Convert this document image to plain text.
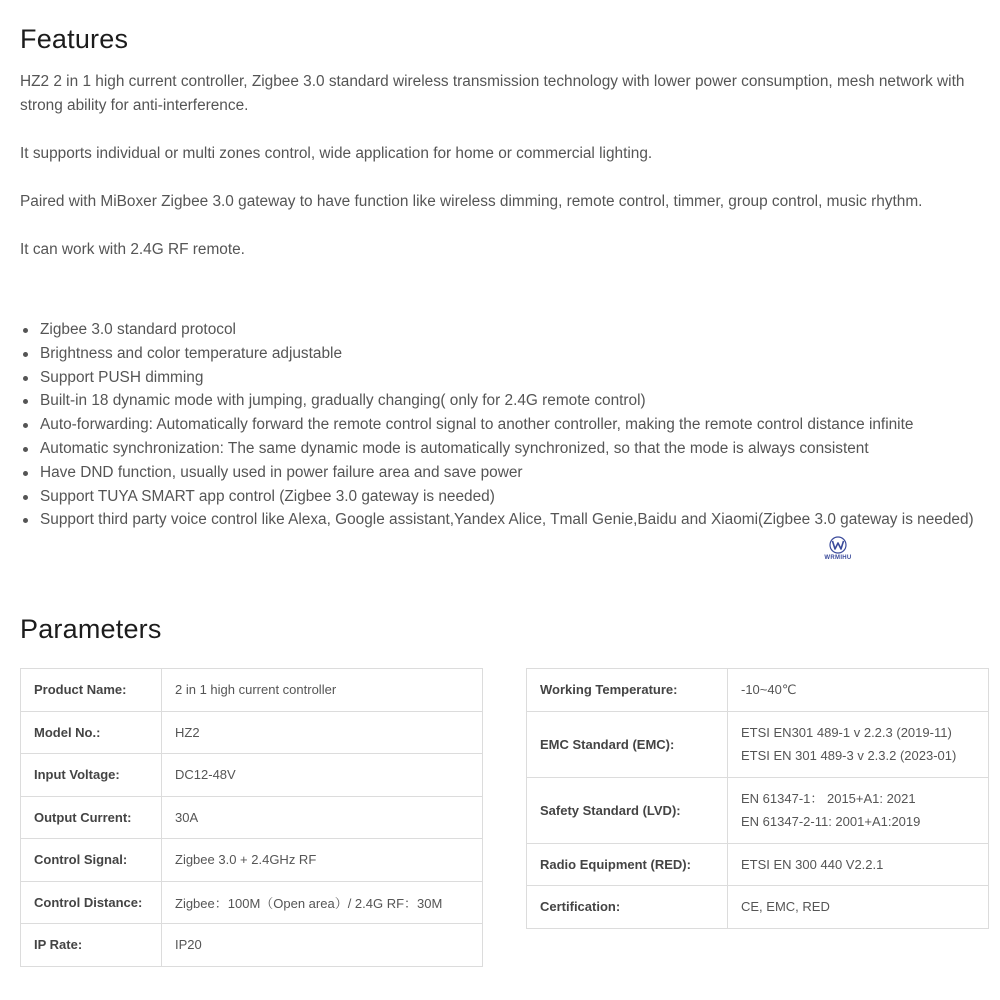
Features

HZ2 2 in 1 high current controller, Zigbee 3.0 standard wireless transmission technology with lower power consumption, mesh network with strong ability for anti-interference.

It supports individual or multi zones control, wide application for home or commercial lighting.

Paired with MiBoxer Zigbee 3.0 gateway to have function like wireless dimming, remote control, timmer, group control, music rhythm.

It can work with 2.4G RF remote.

Zigbee 3.0 standard protocol
Brightness and color temperature adjustable
Support PUSH dimming
Built-in 18 dynamic mode with jumping, gradually changing( only for 2.4G remote control)
Auto-forwarding: Automatically forward the remote control signal to another controller, making the remote control distance infinite
Automatic synchronization: The same dynamic mode is automatically synchronized, so that the mode is always consistent
Have DND function, usually used in power failure area and save power
Support TUYA SMART app control (Zigbee 3.0 gateway is needed)
Support third party voice control like Alexa, Google assistant,Yandex Alice, Tmall Genie,Baidu and Xiaomi(Zigbee 3.0 gateway is needed)
WRMIHU
Parameters
Product Name:	2 in 1 high current controller
Model No.:	HZ2
Input Voltage:	DC12-48V
Output Current:	30A
Control Signal:	Zigbee 3.0 + 2.4GHz RF
Control Distance:	Zigbee：100M（Open area）/ 2.4G RF：30M
IP Rate:	IP20
Working Temperature:	-10~40℃
EMC Standard (EMC):	ETSI EN301 489-1 v 2.2.3 (2019-11)
ETSI EN 301 489-3 v 2.3.2 (2023-01)

Safety Standard (LVD):	EN 61347-1： 2015+A1: 2021
EN 61347-2-11: 2001+A1:2019

Radio Equipment (RED):	ETSI EN 300 440 V2.2.1
Certification:	CE, EMC, RED
